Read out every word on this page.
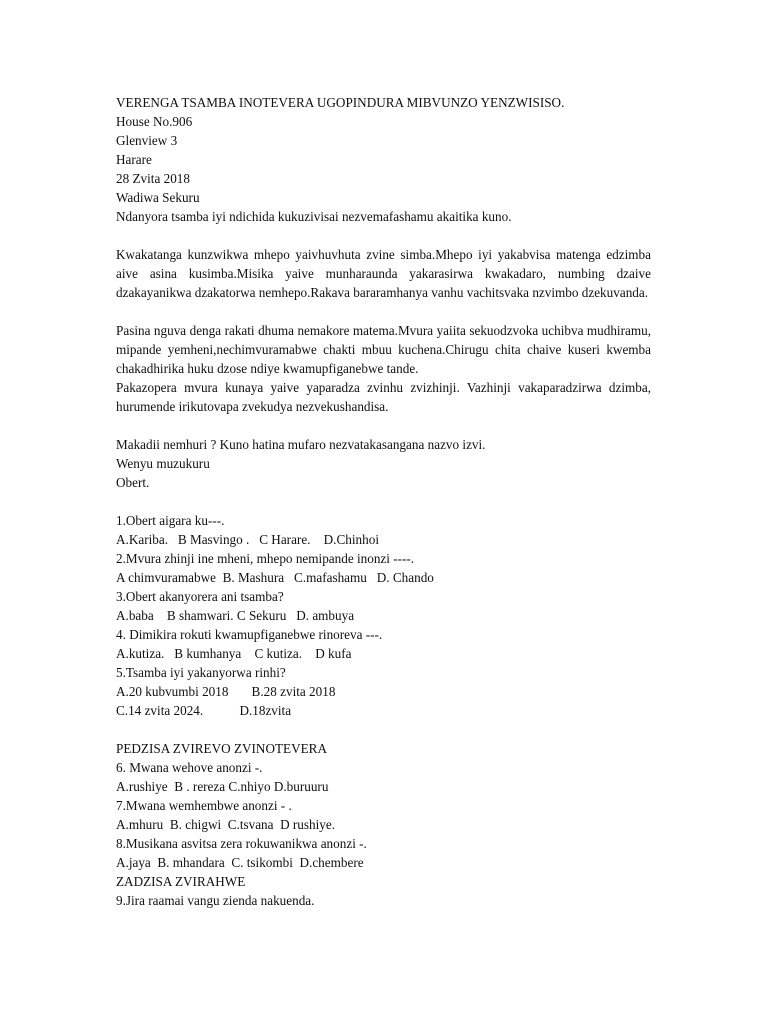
VERENGA TSAMBA INOTEVERA UGOPINDURA MIBVUNZO YENZWISISO.
House No.906
Glenview 3
Harare
28 Zvita 2018
Wadiwa Sekuru
Ndanyora tsamba iyi ndichida kukuzivisai nezvemafashamu akaitika kuno.
Kwakatanga kunzwikwa mhepo yaivhuvhuta zvine simba.Mhepo iyi yakabvisa matenga edzimba aive asina kusimba.Misika yaive munharaunda yakarasirwa kwakadaro, numbing dzaive dzakayanikwa dzakatorwa nemhepo.Rakava bararamhanya vanhu vachitsvaka nzvimbo dzekuvanda.
Pasina nguva denga rakati dhuma nemakore matema.Mvura yaiita sekuodzvoka uchibva mudhiramu, mipande yemheni,nechimvuramabwe chakti mbuu kuchena.Chirugu chita chaive kuseri kwemba chakadhirika huku dzose ndiye kwamupfiganebwe tande.
Pakazopera mvura kunaya yaive yaparadza zvinhu zvizhinji. Vazhinji vakaparadzirwa dzimba, hurumende irikutovapa zvekudya nezvekushandisa.
Makadii nemhuri ? Kuno hatina mufaro nezvatakasangana nazvo izvi.
Wenyu muzukuru
Obert.
1.Obert aigara ku---.
A.Kariba.   B Masvingo .   C Harare.    D.Chinhoi
2.Mvura zhinji ine mheni, mhepo nemipande inonzi ----.
A chimvuramabwe  B. Mashura   C.mafashamu   D. Chando
3.Obert akanyorera ani tsamba?
A.baba    B shamwari. C Sekuru   D. ambuya
4. Dimikira rokuti kwamupfiganebwe rinoreva ---.
A.kutiza.   B kumhanya    C kutiza.    D kufa
5.Tsamba iyi yakanyorwa rinhi?
A.20 kubvumbi 2018       B.28 zvita 2018
C.14 zvita 2024.           D.18zvita
PEDZISA ZVIREVO ZVINOTEVERA
6. Mwana wehove anonzi -.
A.rushiye  B . rereza C.nhiyo D.buruuru
7.Mwana wemhembwe anonzi - .
A.mhuru  B. chigwi  C.tsvana  D rushiye.
8.Musikana asvitsa zera rokuwanikwa anonzi -.
A.jaya  B. mhandara  C. tsikombi  D.chembere
ZADZISA ZVIRAHWE
9.Jira raamai vangu zienda nakuenda.
